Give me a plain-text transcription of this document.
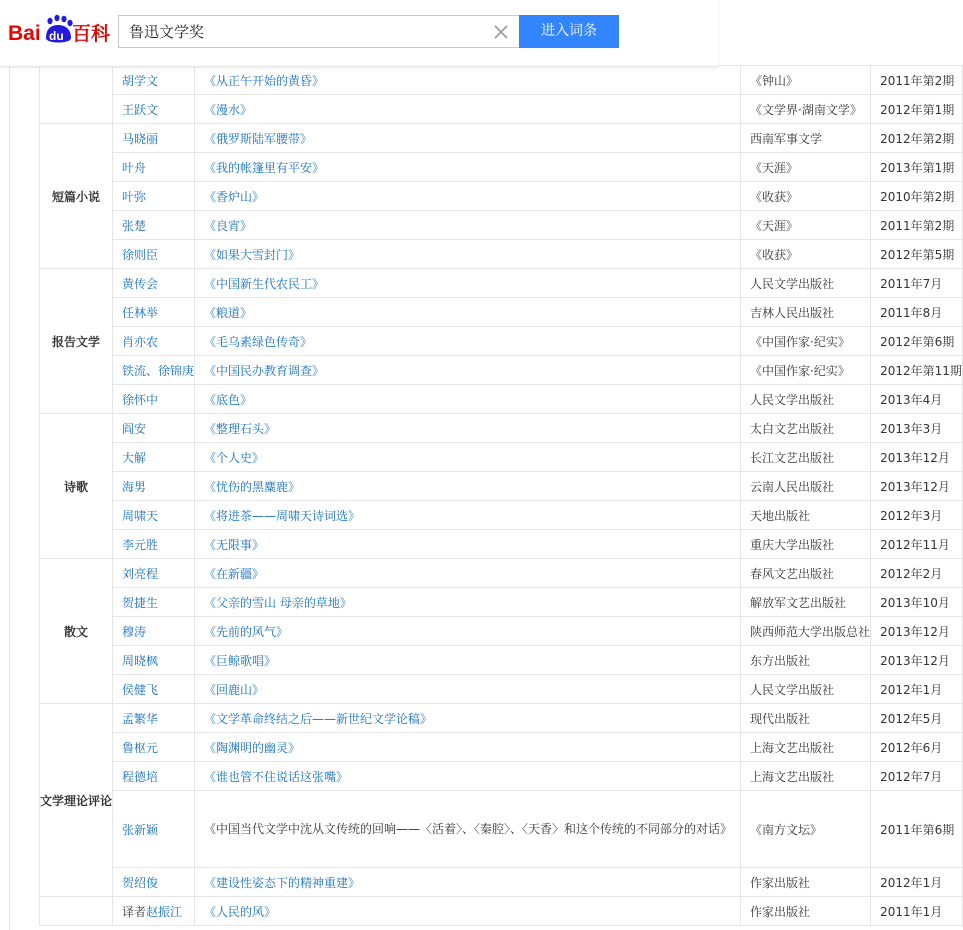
Bai du 百科
鲁迅文学奖	进入词条
	胡学文	《从正午开始的黄昏》	《钟山》	2011年第2期
	王跃文	《漫水》	《文学界·湖南文学》	2012年第1期
短篇小说	马晓丽	《俄罗斯陆军腰带》	西南军事文学	2012年第2期
	叶舟	《我的帐篷里有平安》	《天涯》	2013年第1期
	叶弥	《香炉山》	《收获》	2010年第2期
	张楚	《良宵》	《天涯》	2011年第2期
	徐则臣	《如果大雪封门》	《收获》	2012年第5期
报告文学	黄传会	《中国新生代农民工》	人民文学出版社	2011年7月
	任林举	《粮道》	吉林人民出版社	2011年8月
	肖亦农	《毛乌素绿色传奇》	《中国作家·纪实》	2012年第6期
	铁流、徐锦庚	《中国民办教育调查》	《中国作家·纪实》	2012年第11期
	徐怀中	《底色》	人民文学出版社	2013年4月
诗歌	阎安	《整理石头》	太白文艺出版社	2013年3月
	大解	《个人史》	长江文艺出版社	2013年12月
	海男	《忧伤的黑麋鹿》	云南人民出版社	2013年12月
	周啸天	《将进茶——周啸天诗词选》	天地出版社	2012年3月
	李元胜	《无限事》	重庆大学出版社	2012年11月
散文	刘亮程	《在新疆》	春风文艺出版社	2012年2月
	贺捷生	《父亲的雪山 母亲的草地》	解放军文艺出版社	2013年10月
	穆涛	《先前的风气》	陕西师范大学出版总社	2013年12月
	周晓枫	《巨鲸歌唱》	东方出版社	2013年12月
	侯健飞	《回鹿山》	人民文学出版社	2012年1月
文学理论评论	孟繁华	《文学革命终结之后——新世纪文学论稿》	现代出版社	2012年5月
	鲁枢元	《陶渊明的幽灵》	上海文艺出版社	2012年6月
	程德培	《谁也管不住说话这张嘴》	上海文艺出版社	2012年7月
	张新颖	《中国当代文学中沈从文传统的回响——〈活着〉、〈秦腔〉、〈天香〉和这个传统的不同部分的对话》	《南方文坛》	2011年第6期
	贺绍俊	《建设性姿态下的精神重建》	作家出版社	2012年1月
	译者赵振江	《人民的风》	作家出版社	2011年1月
